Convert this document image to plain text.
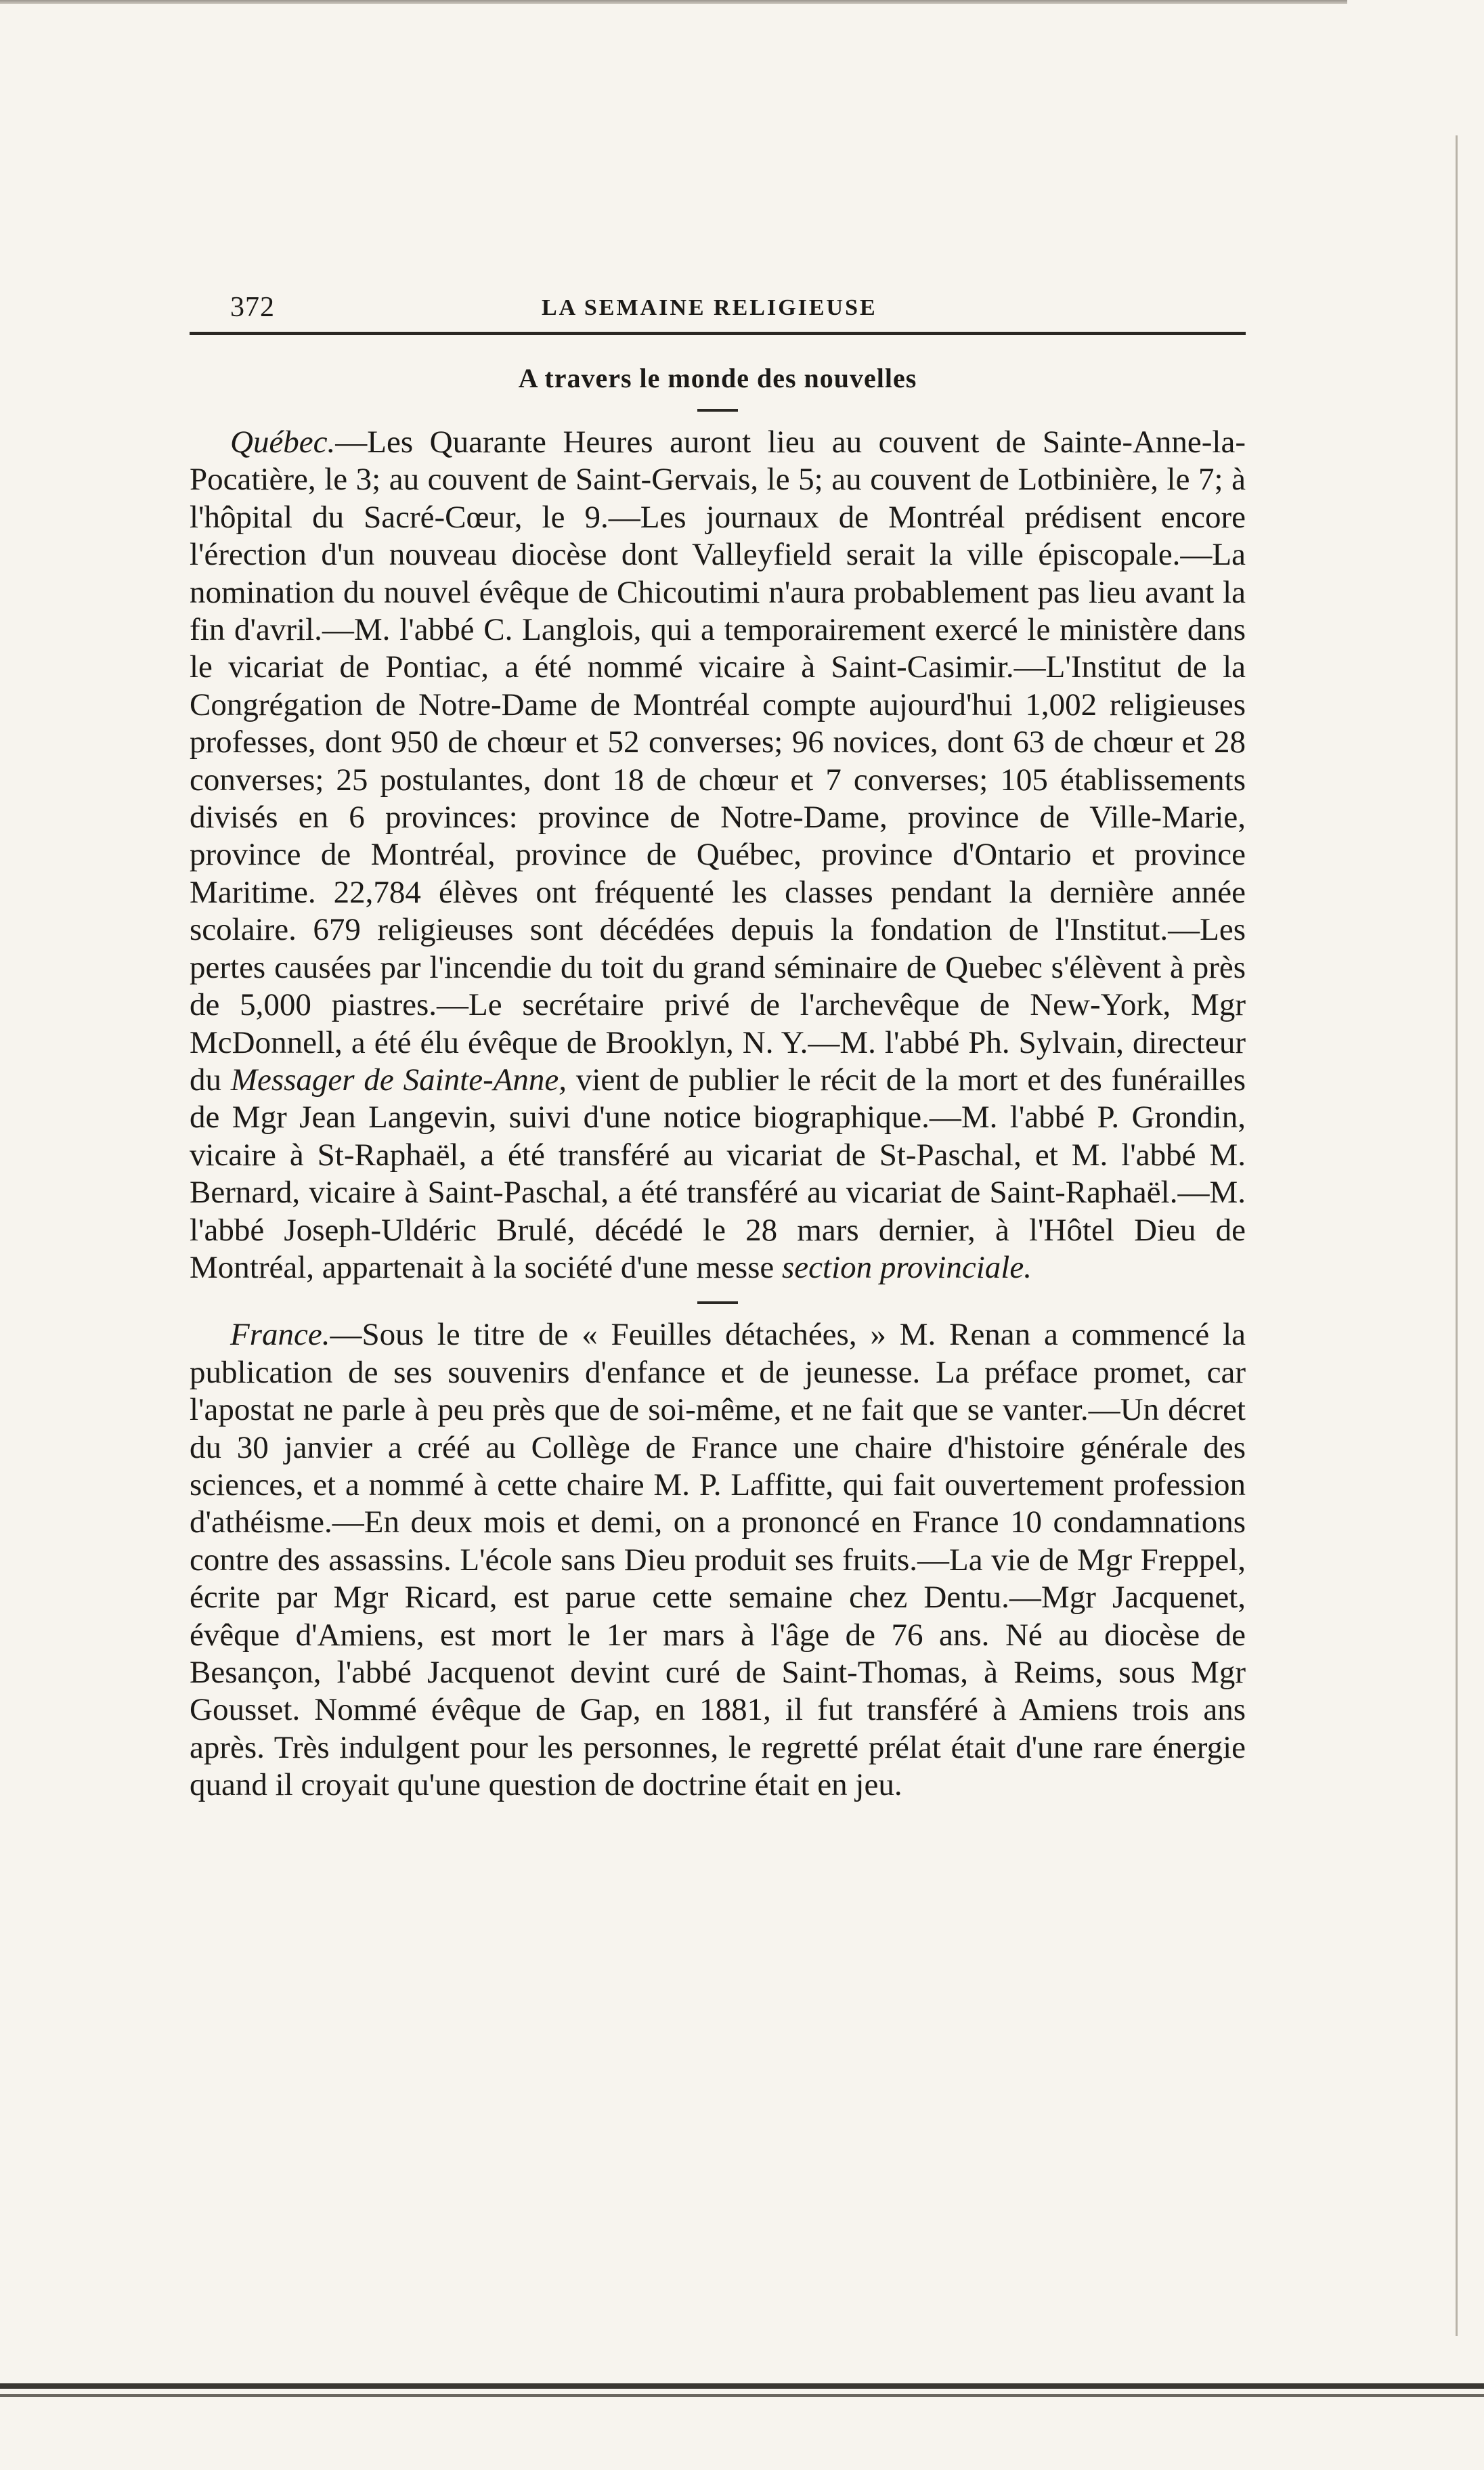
372	LA SEMAINE RELIGIEUSE
A travers le monde des nouvelles

Québec.—Les Quarante Heures auront lieu au couvent de Sainte-Anne-la-Pocatière, le 3; au couvent de Saint-Gervais, le 5; au couvent de Lotbinière, le 7; à l'hôpital du Sacré-Cœur, le 9.—Les journaux de Montréal prédisent encore l'érection d'un nouveau diocèse dont Valleyfield serait la ville épiscopale.—La nomination du nouvel évêque de Chicoutimi n'aura probablement pas lieu avant la fin d'avril.—M. l'abbé C. Langlois, qui a temporairement exercé le ministère dans le vicariat de Pontiac, a été nommé vicaire à Saint-Casimir.—L'Institut de la Congrégation de Notre-Dame de Montréal compte aujourd'hui 1,002 religieuses professes, dont 950 de chœur et 52 converses; 96 novices, dont 63 de chœur et 28 converses; 25 postulantes, dont 18 de chœur et 7 converses; 105 établissements divisés en 6 provinces: province de Notre-Dame, province de Ville-Marie, province de Montréal, province de Québec, province d'Ontario et province Maritime. 22,784 élèves ont fréquenté les classes pendant la dernière année scolaire. 679 religieuses sont décédées depuis la fondation de l'Institut.—Les pertes causées par l'incendie du toit du grand séminaire de Quebec s'élèvent à près de 5,000 piastres.—Le secrétaire privé de l'archevêque de New-York, Mgr McDonnell, a été élu évêque de Brooklyn, N. Y.—M. l'abbé Ph. Sylvain, directeur du Messager de Sainte-Anne, vient de publier le récit de la mort et des funérailles de Mgr Jean Langevin, suivi d'une notice biographique.—M. l'abbé P. Grondin, vicaire à St-Raphaël, a été transféré au vicariat de St-Paschal, et M. l'abbé M. Bernard, vicaire à Saint-Paschal, a été transféré au vicariat de Saint-Raphaël.—M. l'abbé Joseph-Uldéric Brulé, décédé le 28 mars dernier, à l'Hôtel Dieu de Montréal, appartenait à la société d'une messe section provinciale.

France.—Sous le titre de « Feuilles détachées, » M. Renan a commencé la publication de ses souvenirs d'enfance et de jeunesse. La préface promet, car l'apostat ne parle à peu près que de soi-même, et ne fait que se vanter.—Un décret du 30 janvier a créé au Collège de France une chaire d'histoire générale des sciences, et a nommé à cette chaire M. P. Laffitte, qui fait ouvertement profession d'athéisme.—En deux mois et demi, on a prononcé en France 10 condamnations contre des assassins. L'école sans Dieu produit ses fruits.—La vie de Mgr Freppel, écrite par Mgr Ricard, est parue cette semaine chez Dentu.—Mgr Jacquenet, évêque d'Amiens, est mort le 1er mars à l'âge de 76 ans. Né au diocèse de Besançon, l'abbé Jacquenot devint curé de Saint-Thomas, à Reims, sous Mgr Gousset. Nommé évêque de Gap, en 1881, il fut transféré à Amiens trois ans après. Très indulgent pour les personnes, le regretté prélat était d'une rare énergie quand il croyait qu'une question de doctrine était en jeu.
